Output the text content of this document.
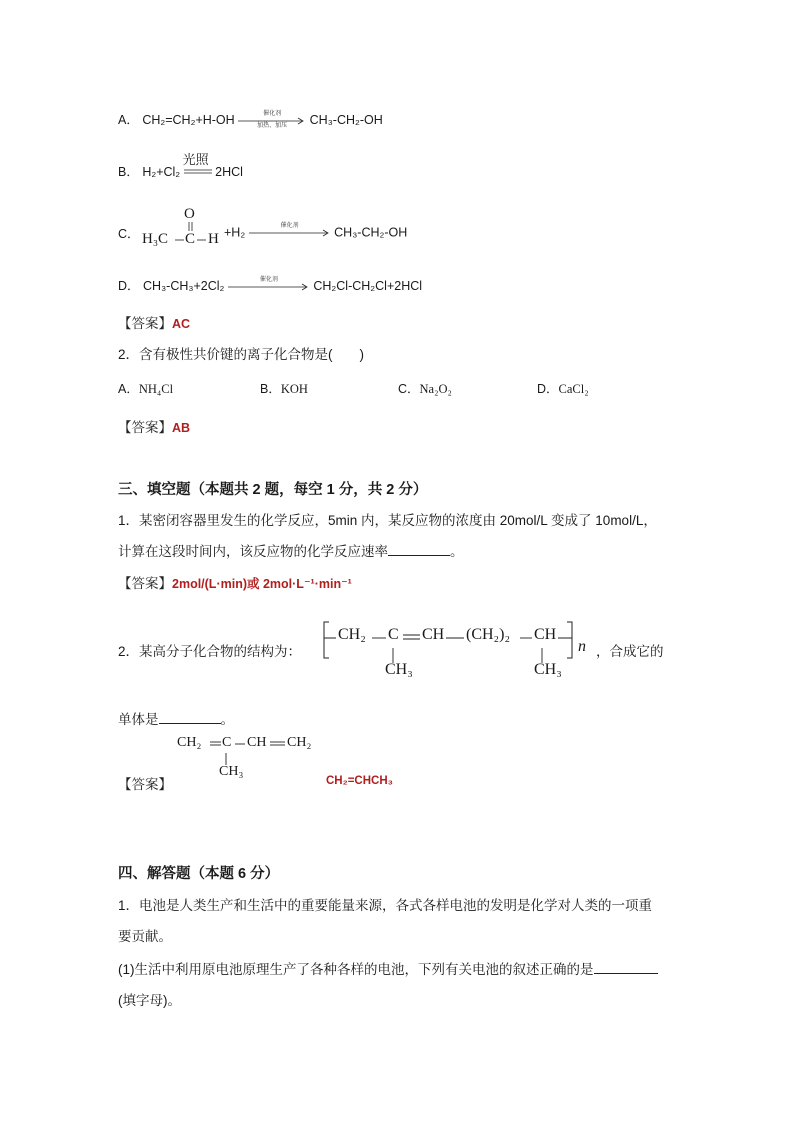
A． CH₂=CH₂+H-OH	催化剂
加热、加压	CH₃-CH₂-OH
B． H₂+Cl₂
光照
2HCl
C．
O
H₃C C H +H₂	催化剂	CH₃-CH₂-OH
D． CH₃-CH₃+2Cl₂	催化剂	CH₂Cl-CH₂Cl+2HCl
【答案】AC
2．含有极性共价键的离子化合物是(　　)
A．NH₄Cl	B．KOH	C．Na₂O₂	D．CaCl₂
【答案】AB
三、填空题（本题共 2 题，每空 1 分，共 2 分）
1．某密闭容器里发生的化学反应，5min 内，某反应物的浓度由 20mol/L 变成了 10mol/L，
计算在这段时间内，该反应物的化学反应速率	。
【答案】2mol/(L·min)或 2mol·L⁻¹·min⁻¹
2．某高分子化合物的结构为：
CH₂ C CH (CH₂)₂ CH
n
CH₃	CH₃
，合成它的
单体是	。
CH₂ C CH CH₂
CH₃
【答案】	CH₂=CHCH₃
四、解答题（本题 6 分）
1．电池是人类生产和生活中的重要能量来源，各式各样电池的发明是化学对人类的一项重
要贡献。
(1)生活中利用原电池原理生产了各种各样的电池，下列有关电池的叙述正确的是
(填字母)。
